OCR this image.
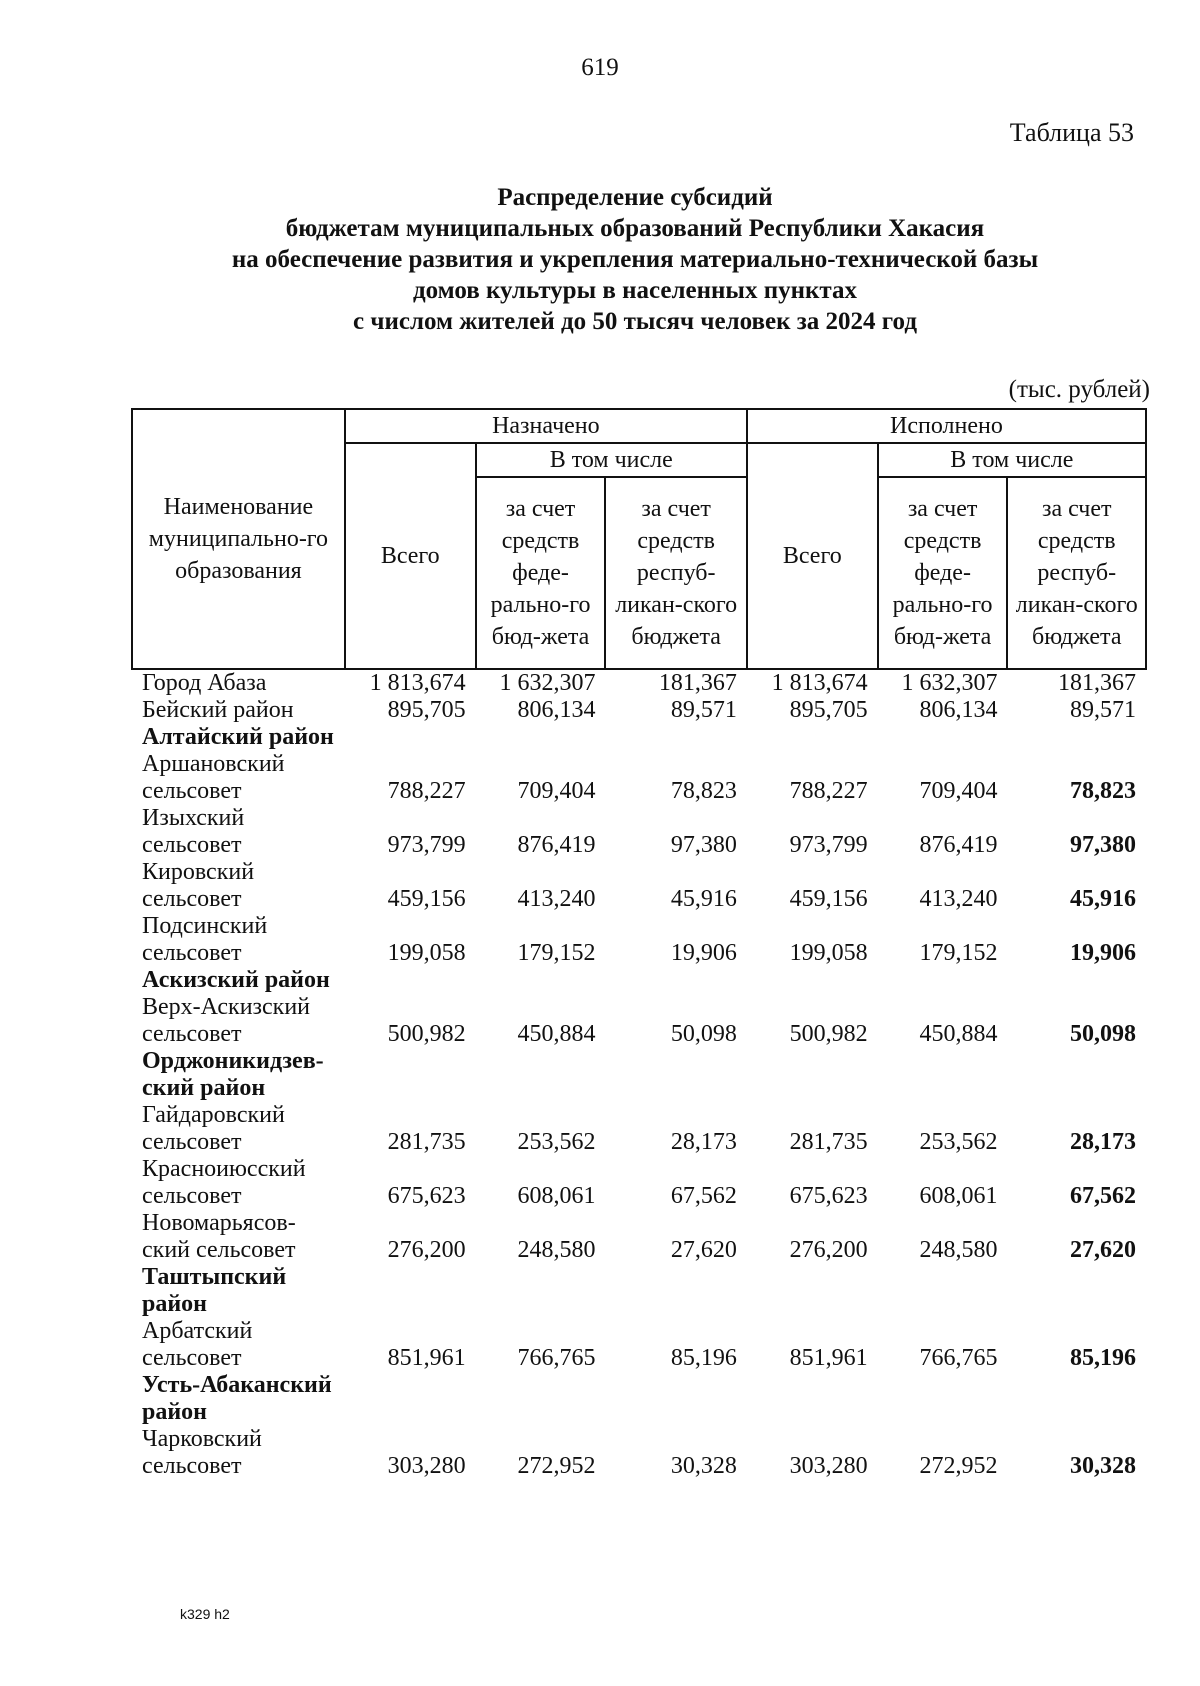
619
Таблица 53
Распределение субсидий
бюджетам муниципальных образований Республики Хакасия
на обеспечение развития и укрепления материально-технической базы
домов культуры в населенных пунктах
с числом жителей до 50 тысяч человек за 2024 год
(тыс. рублей)
Наименование муниципально-го образования	Назначено			Исполнено		
	Всего	В том числе		Всего	В том числе	
		за счет средств феде-рально-го бюд-жета	за счет средств респуб-ликан-ского бюджета		за счет средств феде-рально-го бюд-жета	за счет средств респуб-ликан-ского бюджета
Город Абаза	1 813,674	1 632,307	181,367	1 813,674	1 632,307	181,367
Бейский район	895,705	806,134	89,571	895,705	806,134	89,571
Алтайский район						
Аршановский сельсовет	788,227	709,404	78,823	788,227	709,404	78,823
Изыхский сельсовет	973,799	876,419	97,380	973,799	876,419	97,380
Кировский сельсовет	459,156	413,240	45,916	459,156	413,240	45,916
Подсинский сельсовет	199,058	179,152	19,906	199,058	179,152	19,906
Аскизский район						
Верх-Аскизский сельсовет	500,982	450,884	50,098	500,982	450,884	50,098
Орджоникидзев-ский район						
Гайдаровский сельсовет	281,735	253,562	28,173	281,735	253,562	28,173
Красноиюсский сельсовет	675,623	608,061	67,562	675,623	608,061	67,562
Новомарьясов-ский сельсовет	276,200	248,580	27,620	276,200	248,580	27,620
Таштыпский район						
Арбатский сельсовет	851,961	766,765	85,196	851,961	766,765	85,196
Усть-Абаканский район						
Чарковский сельсовет	303,280	272,952	30,328	303,280	272,952	30,328
k329 h2
